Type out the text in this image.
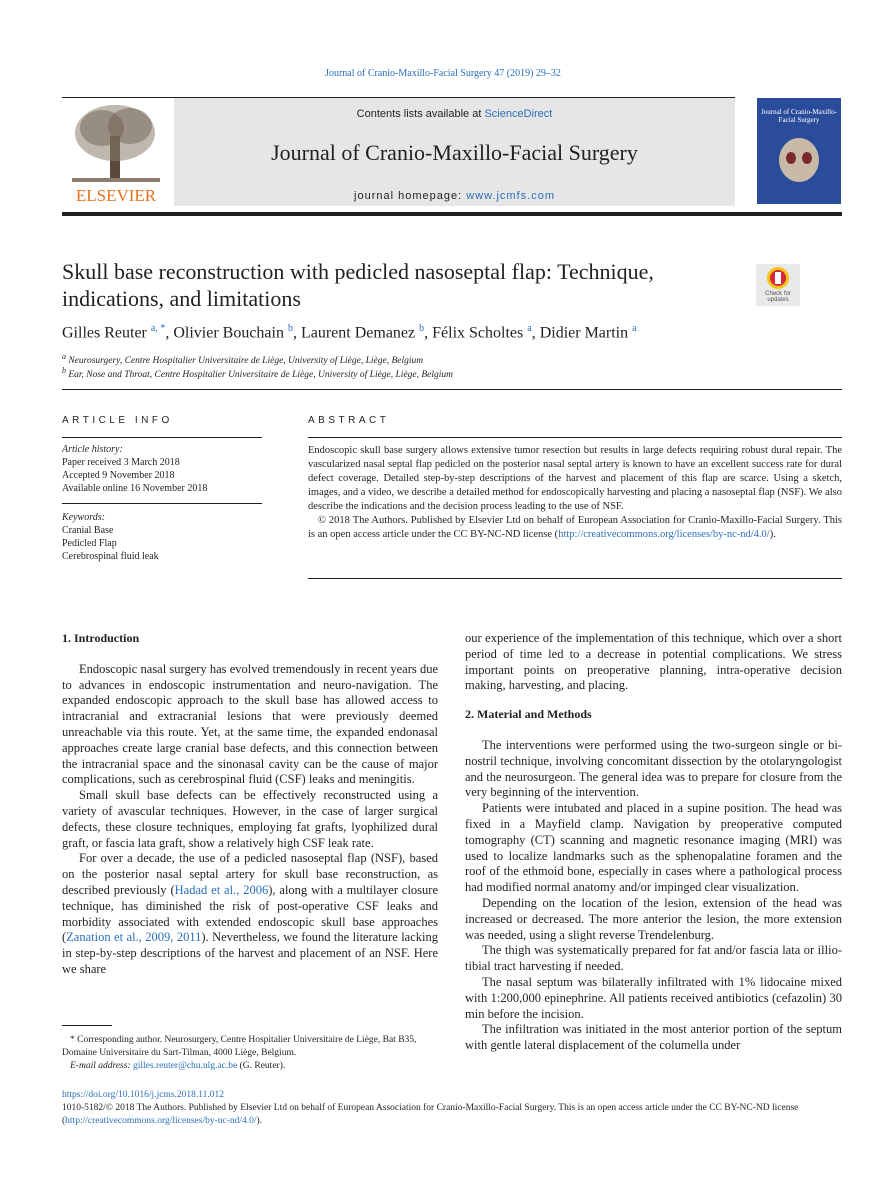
Journal of Cranio-Maxillo-Facial Surgery 47 (2019) 29–32
ELSEVIER
Contents lists available at ScienceDirect
Journal of Cranio-Maxillo-Facial Surgery
journal homepage: www.jcmfs.com
Journal of Cranio-Maxillo-Facial Surgery
Skull base reconstruction with pedicled nasoseptal flap: Technique, indications, and limitations	Check for updates
Gilles Reuter $^{a, *}$, Olivier Bouchain $^b$, Laurent Demanez $^b$, Félix Scholtes $^a$, Didier Martin $^a$
$^a$ Neurosurgery, Centre Hospitalier Universitaire de Liège, University of Liège, Liège, Belgium
$^b$ Ear, Nose and Throat, Centre Hospitalier Universitaire de Liège, University of Liège, Liège, Belgium
ARTICLE INFO
Article history:
Paper received 3 March 2018
Accepted 9 November 2018
Available online 16 November 2018
Keywords:
Cranial Base
Pedicled Flap
Cerebrospinal fluid leak
ABSTRACT
Endoscopic skull base surgery allows extensive tumor resection but results in large defects requiring robust dural repair. The vascularized nasal septal flap pedicled on the posterior nasal septal artery is known to have an excellent success rate for dural defect coverage. Detailed step-by-step descriptions of the harvest and placement of this flap are scarce. Using a sketch, images, and a video, we describe a detailed method for endoscopically harvesting and placing a nasoseptal flap (NSF). We also describe the indications and the decision process leading to the use of NSF.
© 2018 The Authors. Published by Elsevier Ltd on behalf of European Association for Cranio-Maxillo-Facial Surgery. This is an open access article under the CC BY-NC-ND license (http://creativecommons.org/licenses/by-nc-nd/4.0/).
1. Introduction

Endoscopic nasal surgery has evolved tremendously in recent years due to advances in endoscopic instrumentation and neuro-navigation. The expanded endoscopic approach to the skull base has allowed access to intracranial and extracranial lesions that were previously deemed unreachable via this route. Yet, at the same time, the expanded endonasal approaches create large cranial base defects, and this connection between the intracranial space and the sinonasal cavity can be the cause of major complications, such as cerebrospinal fluid (CSF) leaks and meningitis.

Small skull base defects can be effectively reconstructed using a variety of avascular techniques. However, in the case of larger surgical defects, these closure techniques, employing fat grafts, lyophilized dural graft, or fascia lata graft, show a relatively high CSF leak rate.

For over a decade, the use of a pedicled nasoseptal flap (NSF), based on the posterior nasal septal artery for skull base reconstruction, as described previously (Hadad et al., 2006), along with a multilayer closure technique, has diminished the risk of post-operative CSF leaks and morbidity associated with extended endoscopic skull base approaches (Zanation et al., 2009, 2011). Nevertheless, we found the literature lacking in step-by-step descriptions of the harvest and placement of an NSF. Here we share

our experience of the implementation of this technique, which over a short period of time led to a decrease in potential complications. We stress important points on preoperative planning, intra-operative decision making, harvesting, and placing.

2. Material and Methods

The interventions were performed using the two-surgeon single or bi-nostril technique, involving concomitant dissection by the otolaryngologist and the neurosurgeon. The general idea was to prepare for closure from the very beginning of the intervention.

Patients were intubated and placed in a supine position. The head was fixed in a Mayfield clamp. Navigation by preoperative computed tomography (CT) scanning and magnetic resonance imaging (MRI) was used to localize landmarks such as the sphenopalatine foramen and the roof of the ethmoid bone, especially in cases where a pathological process had modified normal anatomy and/or impinged clear visualization.

Depending on the location of the lesion, extension of the head was increased or decreased. The more anterior the lesion, the more extension was needed, using a slight reverse Trendelenburg.

The thigh was systematically prepared for fat and/or fascia lata or illio-tibial tract harvesting if needed.

The nasal septum was bilaterally infiltrated with 1% lidocaine mixed with 1:200,000 epinephrine. All patients received antibiotics (cefazolin) 30 min before the incision.

The infiltration was initiated in the most anterior portion of the septum with gentle lateral displacement of the columella under

* Corresponding author. Neurosurgery, Centre Hospitalier Universitaire de Liège, Bat B35, Domaine Universitaire du Sart-Tilman, 4000 Liège, Belgium.
E-mail address: gilles.reuter@chu.ulg.ac.be (G. Reuter).
https://doi.org/10.1016/j.jcms.2018.11.012
1010-5182/© 2018 The Authors. Published by Elsevier Ltd on behalf of European Association for Cranio-Maxillo-Facial Surgery. This is an open access article under the CC BY-NC-ND license (http://creativecommons.org/licenses/by-nc-nd/4.0/).
